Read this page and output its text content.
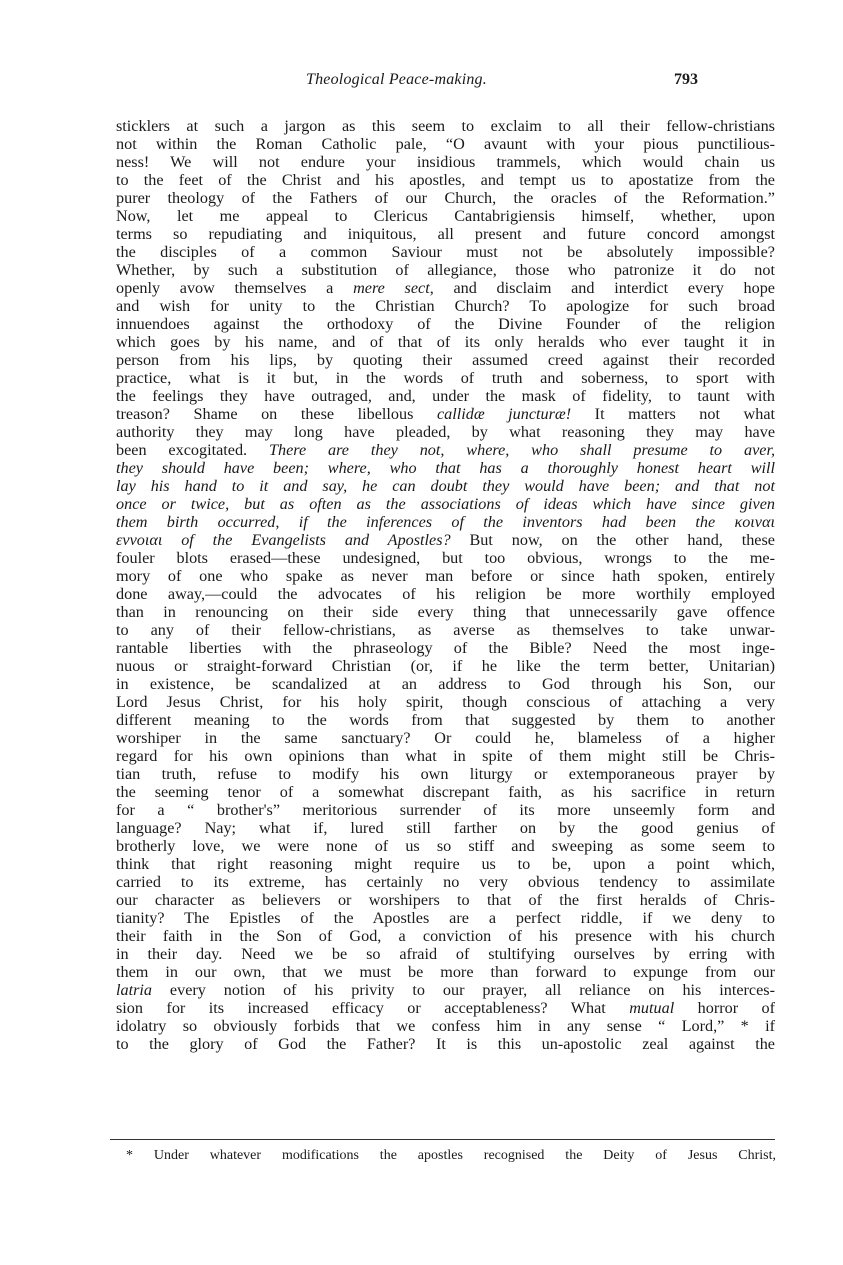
Theological Peace-making.	793
sticklers at such a jargon as this seem to exclaim to all their fellow-christians
not within the Roman Catholic pale, “O avaunt with your pious punctilious-
ness! We will not endure your insidious trammels, which would chain us
to the feet of the Christ and his apostles, and tempt us to apostatize from the
purer theology of the Fathers of our Church, the oracles of the Reformation.”
Now, let me appeal to Clericus Cantabrigiensis himself, whether, upon
terms so repudiating and iniquitous, all present and future concord amongst
the disciples of a common Saviour must not be absolutely impossible?
Whether, by such a substitution of allegiance, those who patronize it do not
openly avow themselves a mere sect, and disclaim and interdict every hope
and wish for unity to the Christian Church? To apologize for such broad
innuendoes against the orthodoxy of the Divine Founder of the religion
which goes by his name, and of that of its only heralds who ever taught it in
person from his lips, by quoting their assumed creed against their recorded
practice, what is it but, in the words of truth and soberness, to sport with
the feelings they have outraged, and, under the mask of fidelity, to taunt with
treason? Shame on these libellous callidæ juncturæ! It matters not what
authority they may long have pleaded, by what reasoning they may have
been excogitated. There are they not, where, who shall presume to aver,
they should have been; where, who that has a thoroughly honest heart will
lay his hand to it and say, he can doubt they would have been; and that not
once or twice, but as often as the associations of ideas which have since given
them birth occurred, if the inferences of the inventors had been the κοιναι
εννοιαι of the Evangelists and Apostles? But now, on the other hand, these
fouler blots erased—these undesigned, but too obvious, wrongs to the me-
mory of one who spake as never man before or since hath spoken, entirely
done away,—could the advocates of his religion be more worthily employed
than in renouncing on their side every thing that unnecessarily gave offence
to any of their fellow-christians, as averse as themselves to take unwar-
rantable liberties with the phraseology of the Bible? Need the most inge-
nuous or straight-forward Christian (or, if he like the term better, Unitarian)
in existence, be scandalized at an address to God through his Son, our
Lord Jesus Christ, for his holy spirit, though conscious of attaching a very
different meaning to the words from that suggested by them to another
worshiper in the same sanctuary? Or could he, blameless of a higher
regard for his own opinions than what in spite of them might still be Chris-
tian truth, refuse to modify his own liturgy or extemporaneous prayer by
the seeming tenor of a somewhat discrepant faith, as his sacrifice in return
for a “ brother's” meritorious surrender of its more unseemly form and
language? Nay; what if, lured still farther on by the good genius of
brotherly love, we were none of us so stiff and sweeping as some seem to
think that right reasoning might require us to be, upon a point which,
carried to its extreme, has certainly no very obvious tendency to assimilate
our character as believers or worshipers to that of the first heralds of Chris-
tianity? The Epistles of the Apostles are a perfect riddle, if we deny to
their faith in the Son of God, a conviction of his presence with his church
in their day. Need we be so afraid of stultifying ourselves by erring with
them in our own, that we must be more than forward to expunge from our
latria every notion of his privity to our prayer, all reliance on his interces-
sion for its increased efficacy or acceptableness? What mutual horror of
idolatry so obviously forbids that we confess him in any sense “ Lord,” * if
to the glory of God the Father? It is this un-apostolic zeal against the
* Under whatever modifications the apostles recognised the Deity of Jesus Christ,
